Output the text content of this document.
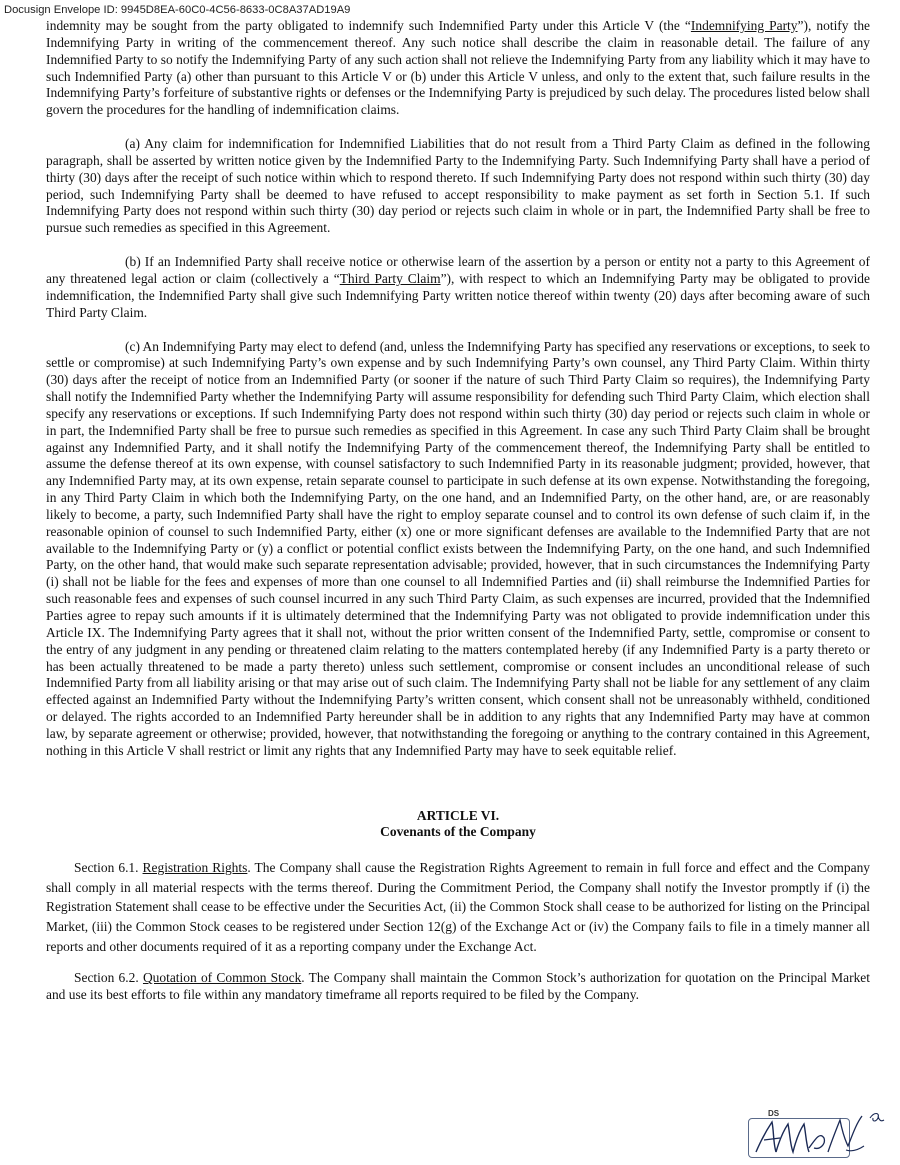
Docusign Envelope ID: 9945D8EA-60C0-4C56-8633-0C8A37AD19A9

indemnity may be sought from the party obligated to indemnify such Indemnified Party under this Article V (the “Indemnifying Party”), notify the Indemnifying Party in writing of the commencement thereof. Any such notice shall describe the claim in reasonable detail. The failure of any Indemnified Party to so notify the Indemnifying Party of any such action shall not relieve the Indemnifying Party from any liability which it may have to such Indemnified Party (a) other than pursuant to this Article V or (b) under this Article V unless, and only to the extent that, such failure results in the Indemnifying Party’s forfeiture of substantive rights or defenses or the Indemnifying Party is prejudiced by such delay. The procedures listed below shall govern the procedures for the handling of indemnification claims.

(a) Any claim for indemnification for Indemnified Liabilities that do not result from a Third Party Claim as defined in the following paragraph, shall be asserted by written notice given by the Indemnified Party to the Indemnifying Party. Such Indemnifying Party shall have a period of thirty (30) days after the receipt of such notice within which to respond thereto. If such Indemnifying Party does not respond within such thirty (30) day period, such Indemnifying Party shall be deemed to have refused to accept responsibility to make payment as set forth in Section 5.1. If such Indemnifying Party does not respond within such thirty (30) day period or rejects such claim in whole or in part, the Indemnified Party shall be free to pursue such remedies as specified in this Agreement.

(b) If an Indemnified Party shall receive notice or otherwise learn of the assertion by a person or entity not a party to this Agreement of any threatened legal action or claim (collectively a “Third Party Claim”), with respect to which an Indemnifying Party may be obligated to provide indemnification, the Indemnified Party shall give such Indemnifying Party written notice thereof within twenty (20) days after becoming aware of such Third Party Claim.

(c) An Indemnifying Party may elect to defend (and, unless the Indemnifying Party has specified any reservations or exceptions, to seek to settle or compromise) at such Indemnifying Party’s own expense and by such Indemnifying Party’s own counsel, any Third Party Claim. Within thirty (30) days after the receipt of notice from an Indemnified Party (or sooner if the nature of such Third Party Claim so requires), the Indemnifying Party shall notify the Indemnified Party whether the Indemnifying Party will assume responsibility for defending such Third Party Claim, which election shall specify any reservations or exceptions. If such Indemnifying Party does not respond within such thirty (30) day period or rejects such claim in whole or in part, the Indemnified Party shall be free to pursue such remedies as specified in this Agreement. In case any such Third Party Claim shall be brought against any Indemnified Party, and it shall notify the Indemnifying Party of the commencement thereof, the Indemnifying Party shall be entitled to assume the defense thereof at its own expense, with counsel satisfactory to such Indemnified Party in its reasonable judgment; provided, however, that any Indemnified Party may, at its own expense, retain separate counsel to participate in such defense at its own expense. Notwithstanding the foregoing, in any Third Party Claim in which both the Indemnifying Party, on the one hand, and an Indemnified Party, on the other hand, are, or are reasonably likely to become, a party, such Indemnified Party shall have the right to employ separate counsel and to control its own defense of such claim if, in the reasonable opinion of counsel to such Indemnified Party, either (x) one or more significant defenses are available to the Indemnified Party that are not available to the Indemnifying Party or (y) a conflict or potential conflict exists between the Indemnifying Party, on the one hand, and such Indemnified Party, on the other hand, that would make such separate representation advisable; provided, however, that in such circumstances the Indemnifying Party (i) shall not be liable for the fees and expenses of more than one counsel to all Indemnified Parties and (ii) shall reimburse the Indemnified Parties for such reasonable fees and expenses of such counsel incurred in any such Third Party Claim, as such expenses are incurred, provided that the Indemnified Parties agree to repay such amounts if it is ultimately determined that the Indemnifying Party was not obligated to provide indemnification under this Article IX. The Indemnifying Party agrees that it shall not, without the prior written consent of the Indemnified Party, settle, compromise or consent to the entry of any judgment in any pending or threatened claim relating to the matters contemplated hereby (if any Indemnified Party is a party thereto or has been actually threatened to be made a party thereto) unless such settlement, compromise or consent includes an unconditional release of such Indemnified Party from all liability arising or that may arise out of such claim. The Indemnifying Party shall not be liable for any settlement of any claim effected against an Indemnified Party without the Indemnifying Party’s written consent, which consent shall not be unreasonably withheld, conditioned or delayed. The rights accorded to an Indemnified Party hereunder shall be in addition to any rights that any Indemnified Party may have at common law, by separate agreement or otherwise; provided, however, that notwithstanding the foregoing or anything to the contrary contained in this Agreement, nothing in this Article V shall restrict or limit any rights that any Indemnified Party may have to seek equitable relief.

ARTICLE VI.

Covenants of the Company

Section 6.1. Registration Rights. The Company shall cause the Registration Rights Agreement to remain in full force and effect and the Company shall comply in all material respects with the terms thereof. During the Commitment Period, the Company shall notify the Investor promptly if (i) the Registration Statement shall cease to be effective under the Securities Act, (ii) the Common Stock shall cease to be authorized for listing on the Principal Market, (iii) the Common Stock ceases to be registered under Section 12(g) of the Exchange Act or (iv) the Company fails to file in a timely manner all reports and other documents required of it as a reporting company under the Exchange Act.

Section 6.2. Quotation of Common Stock. The Company shall maintain the Common Stock’s authorization for quotation on the Principal Market and use its best efforts to file within any mandatory timeframe all reports required to be filed by the Company.

DS
